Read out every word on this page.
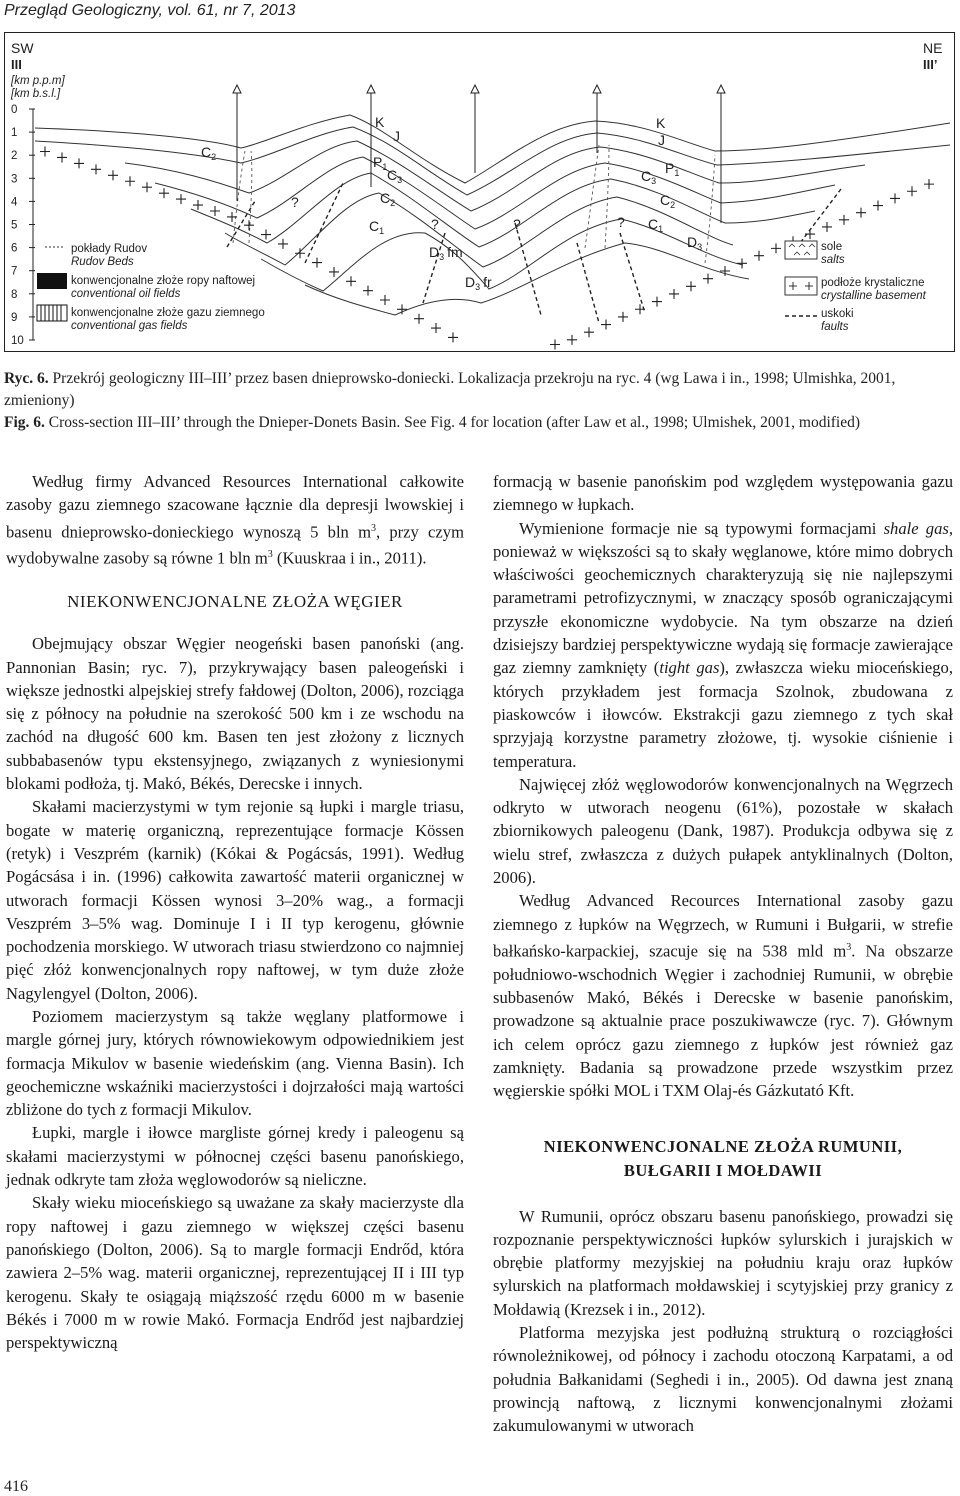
Przegląd Geologiczny, vol. 61, nr 7, 2013
SW
III
[km p.p.m]
[km b.s.l.]
NE
III’
0
1
2
3
4
5
6
7
8
9
10
$C_2$
K
J
$P_1$ $C_3$
$C_2$
$C_1$
$D_3$ fm
$D_3$ fr
K
J
$P_1$
$C_3$
$C_2$
$C_1$
$D_3$
?
?	?	?
pokłady Rudov
Rudov Beds
konwencjonalne złoże ropy naftowej
conventional oil fields
konwencjonalne złoże gazu ziemnego
conventional gas fields
sole
salts
podłoże krystaliczne
crystalline basement
uskoki
faults

Ryc. 6. Przekrój geologiczny III–III’ przez basen dnieprowsko-doniecki. Lokalizacja przekroju na ryc. 4 (wg Lawa i in., 1998; Ulmishka, 2001, zmieniony)

Fig. 6. Cross-section III–III’ through the Dnieper-Donets Basin. See Fig. 4 for location (after Law et al., 1998; Ulmishek, 2001, modified)

Według firmy Advanced Resources International całkowite zasoby gazu ziemnego szacowane łącznie dla depresji lwowskiej i basenu dnieprowsko-donieckiego wynoszą 5 bln $m^3$, przy czym wydobywalne zasoby są równe 1 bln $m^3$ (Kuuskraa i in., 2011).

NIEKONWENCJONALNE ZŁOŻA WĘGIER

Obejmujący obszar Węgier neogeński basen panoński (ang. Pannonian Basin; ryc. 7), przykrywający basen paleogeński i większe jednostki alpejskiej strefy fałdowej (Dolton, 2006), rozciąga się z północy na południe na szerokość 500 km i ze wschodu na zachód na długość 600 km. Basen ten jest złożony z licznych subbabasenów typu ekstensyjnego, związanych z wyniesionymi blokami podłoża, tj. Makó, Békés, Derecske i innych.

Skałami macierzystymi w tym rejonie są łupki i margle triasu, bogate w materię organiczną, reprezentujące formacje Kössen (retyk) i Veszprém (karnik) (Kókai & Pogácsás, 1991). Według Pogácsása i in. (1996) całkowita zawartość materii organicznej w utworach formacji Kössen wynosi 3–20% wag., a formacji Veszprém 3–5% wag. Dominuje I i II typ kerogenu, głównie pochodzenia morskiego. W utworach triasu stwierdzono co najmniej pięć złóż konwencjonalnych ropy naftowej, w tym duże złoże Nagylengyel (Dolton, 2006).

Poziomem macierzystym są także węglany platformowe i margle górnej jury, których równowiekowym odpowiednikiem jest formacja Mikulov w basenie wiedeńskim (ang. Vienna Basin). Ich geochemiczne wskaźniki macierzystości i dojrzałości mają wartości zbliżone do tych z formacji Mikulov.

Łupki, margle i iłowce margliste górnej kredy i paleogenu są skałami macierzystymi w północnej części basenu panońskiego, jednak odkryte tam złoża węglowodorów są nieliczne.

Skały wieku mioceńskiego są uważane za skały macierzyste dla ropy naftowej i gazu ziemnego w większej części basenu panońskiego (Dolton, 2006). Są to margle formacji Endrőd, która zawiera 2–5% wag. materii organicznej, reprezentującej II i III typ kerogenu. Skały te osiągają miąższość rzędu 6000 m w basenie Békés i 7000 m w rowie Makó. Formacja Endrőd jest najbardziej perspektywiczną

formacją w basenie panońskim pod względem występowania gazu ziemnego w łupkach.

Wymienione formacje nie są typowymi formacjami shale gas, ponieważ w większości są to skały węglanowe, które mimo dobrych właściwości geochemicznych charakteryzują się nie najlepszymi parametrami petrofizycznymi, w znaczący sposób ograniczającymi przyszłe ekonomiczne wydobycie. Na tym obszarze na dzień dzisiejszy bardziej perspektywiczne wydają się formacje zawierające gaz ziemny zamknięty (tight gas), zwłaszcza wieku mioceńskiego, których przykładem jest formacja Szolnok, zbudowana z piaskowców i iłowców. Ekstrakcji gazu ziemnego z tych skał sprzyjają korzystne parametry złożowe, tj. wysokie ciśnienie i temperatura.

Najwięcej złóż węglowodorów konwencjonalnych na Węgrzech odkryto w utworach neogenu (61%), pozostałe w skałach zbiornikowych paleogenu (Dank, 1987). Produkcja odbywa się z wielu stref, zwłaszcza z dużych pułapek antyklinalnych (Dolton, 2006).

Według Advanced Recources International zasoby gazu ziemnego z łupków na Węgrzech, w Rumuni i Bułgarii, w strefie bałkańsko-karpackiej, szacuje się na 538 mld $m^3$. Na obszarze południowo-wschodnich Węgier i zachodniej Rumunii, w obrębie subbasenów Makó, Békés i Derecske w basenie panońskim, prowadzone są aktualnie prace poszukiwawcze (ryc. 7). Głównym ich celem oprócz gazu ziemnego z łupków jest również gaz zamknięty. Badania są prowadzone przede wszystkim przez węgierskie spółki MOL i TXM Olaj-és Gázkutató Kft.

NIEKONWENCJONALNE ZŁOŻA RUMUNII,
BUŁGARII I MOŁDAWII

W Rumunii, oprócz obszaru basenu panońskiego, prowadzi się rozpoznanie perspektywiczności łupków sylurskich i jurajskich w obrębie platformy mezyjskiej na południu kraju oraz łupków sylurskich na platformach mołdawskiej i scytyjskiej przy granicy z Mołdawią (Krezsek i in., 2012).

Platforma mezyjska jest podłużną strukturą o rozciągłości równoleżnikowej, od północy i zachodu otoczoną Karpatami, a od południa Bałkanidami (Seghedi i in., 2005). Od dawna jest znaną prowincją naftową, z licznymi konwencjonalnymi złożami zakumulowanymi w utworach

416
